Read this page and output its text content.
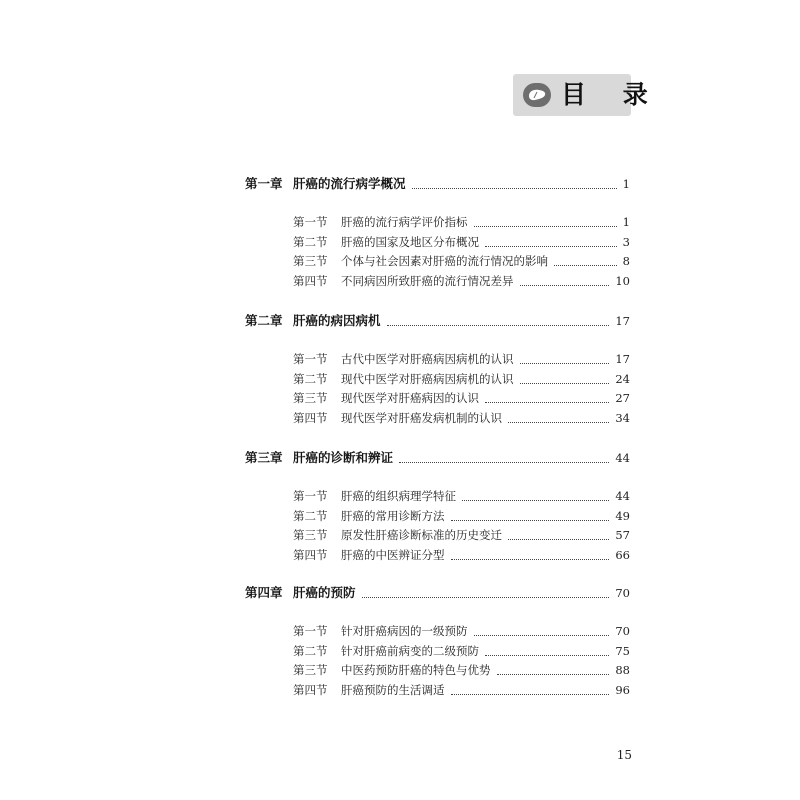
目 录
第一章 肝癌的流行病学概况	1
第一节 肝癌的流行病学评价指标	1
第二节 肝癌的国家及地区分布概况	3
第三节 个体与社会因素对肝癌的流行情况的影响	8
第四节 不同病因所致肝癌的流行情况差异	10
第二章 肝癌的病因病机	17
第一节 古代中医学对肝癌病因病机的认识	17
第二节 现代中医学对肝癌病因病机的认识	24
第三节 现代医学对肝癌病因的认识	27
第四节 现代医学对肝癌发病机制的认识	34
第三章 肝癌的诊断和辨证	44
第一节 肝癌的组织病理学特征	44
第二节 肝癌的常用诊断方法	49
第三节 原发性肝癌诊断标准的历史变迁	57
第四节 肝癌的中医辨证分型	66
第四章 肝癌的预防	70
第一节 针对肝癌病因的一级预防	70
第二节 针对肝癌前病变的二级预防	75
第三节 中医药预防肝癌的特色与优势	88
第四节 肝癌预防的生活调适	96
15
